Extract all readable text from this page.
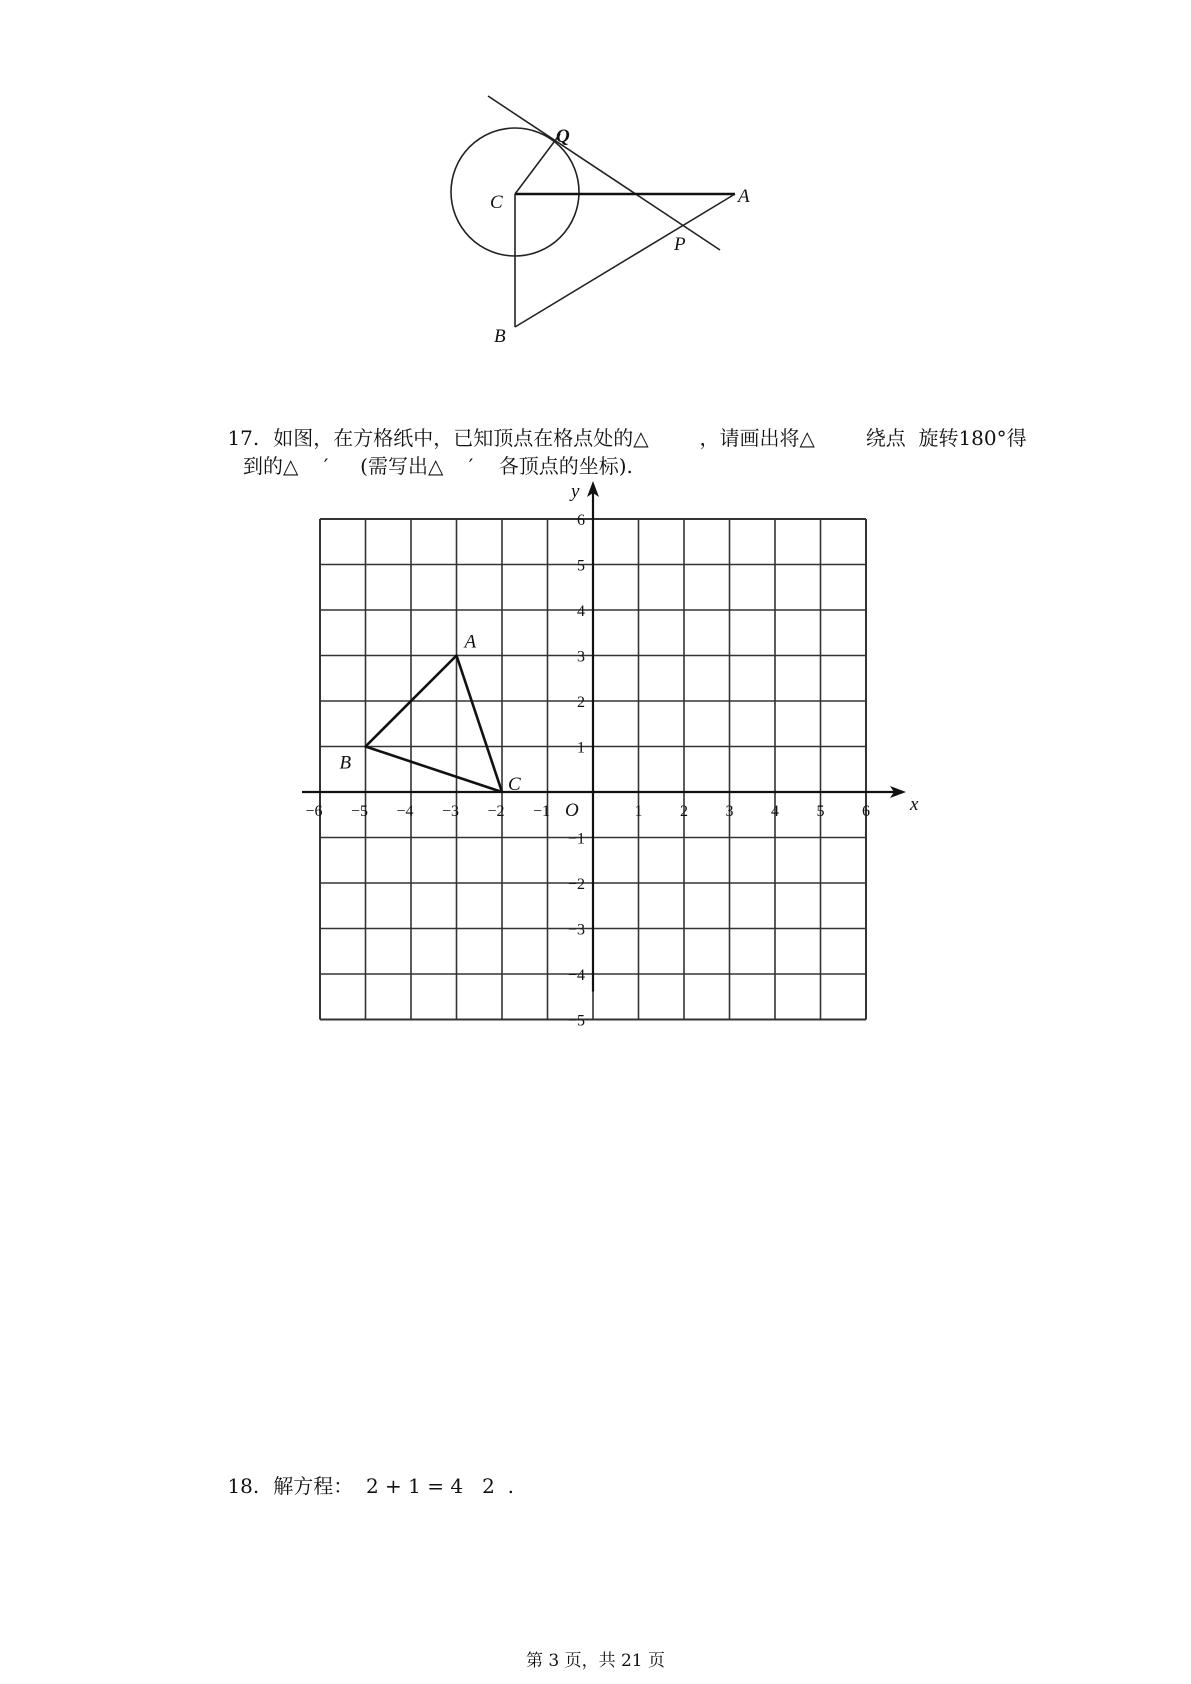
Q
C	A
P
B

17. 如图，在方格纸中，已知顶点在格点处的△        ，请画出将△        绕点  旋转180°得

到的△    ′     (需写出△    ′    各顶点的坐标).
x
y
O
−6 −5 −4 −3 −2 −1	1 2 3 4 5 6
6
5
4
3
2
1
−1
−2
−3
−4
−5
A
B
C

18. 解方程：  2 + 1 = 4   2  .

第 3 页，共 21 页
